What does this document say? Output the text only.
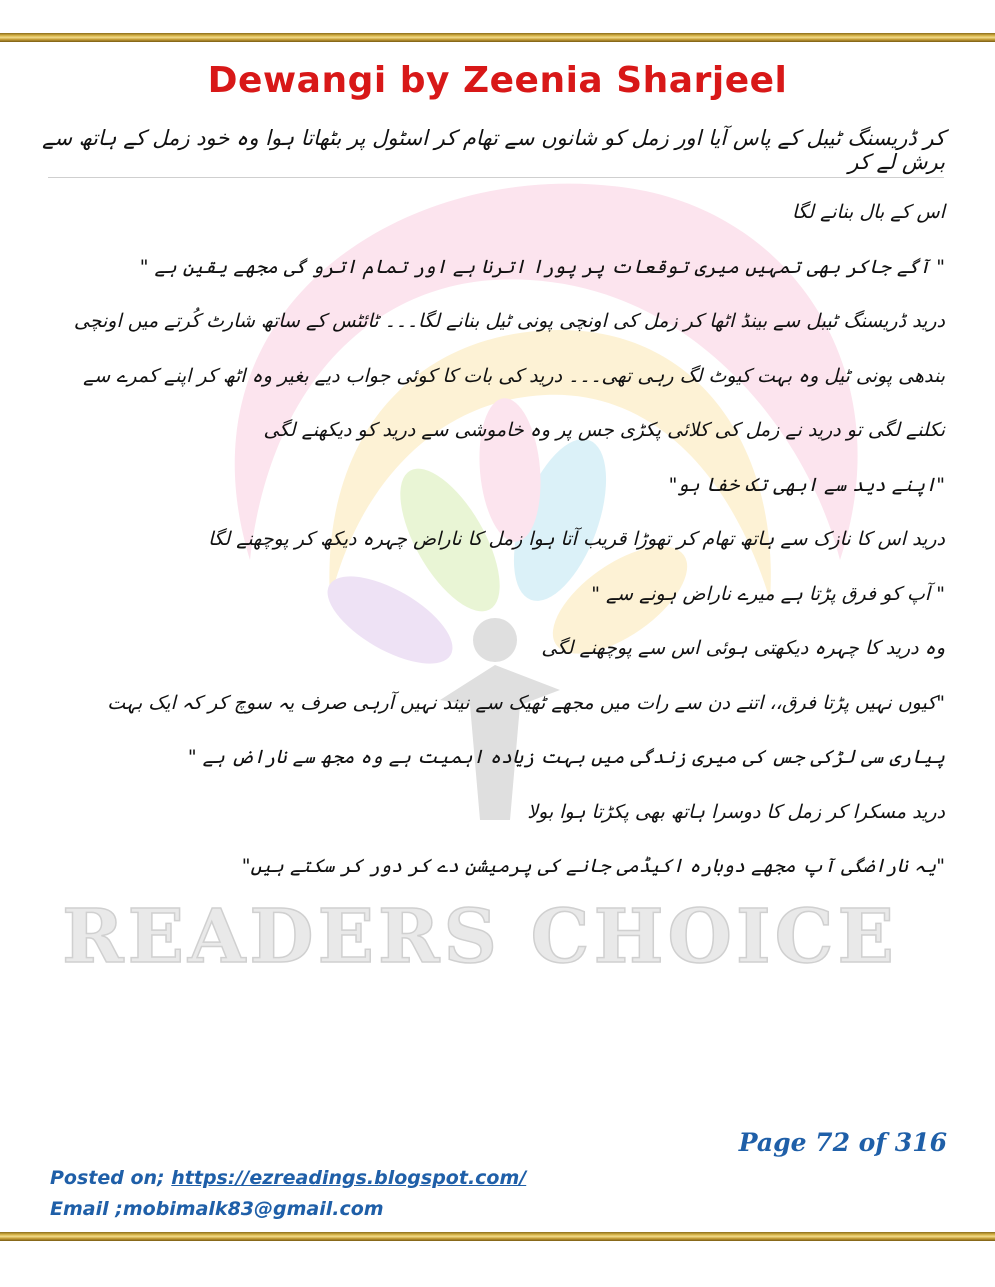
READERS CHOICE
Dewangi by Zeenia Sharjeel
کر ڈریسنگ ٹیبل کے پاس آیا اور زمل کو شانوں سے تھام کر اسٹول پر بٹھاتا ہوا وہ خود زمل کے ہاتھ سے برش لے کر

اس کے بال بنانے لگا

" آگے جاکر بھی تمہیں میری توقعات پر پورا اترنا ہے اور تمام اترو گی مجھے یقین ہے "

درید ڈریسنگ ٹیبل سے بینڈ اٹھا کر زمل کی اونچی پونی ٹیل بنانے لگا۔۔۔ ٹائٹس کے ساتھ شارٹ کُرتے میں اونچی

بندھی پونی ٹیل وہ بہت کیوٹ لگ رہی تھی۔۔۔ درید کی بات کا کوئی جواب دیے بغیر وہ اٹھ کر اپنے کمرے سے

نکلنے لگی تو درید نے زمل کی کلائی پکڑی جس پر وہ خاموشی سے درید کو دیکھنے لگی

"اپنے دید سے ابھی تک خفا ہو"

درید اس کا نازک سے ہاتھ تھام کر تھوڑا قریب آتا ہوا زمل کا ناراض چہرہ دیکھ کر پوچھنے لگا

" آپ کو فرق پڑتا ہے میرے ناراض ہونے سے "

وہ درید کا چہرہ دیکھتی ہوئی اس سے پوچھنے لگی

"کیوں نہیں پڑتا فرق،، اتنے دن سے رات میں مجھے ٹھیک سے نیند نہیں آرہی صرف یہ سوچ کر کہ ایک بہت

پیاری سی لڑکی جس کی میری زندگی میں بہت زیادہ اہمیت ہے وہ مجھ سے ناراض ہے "

درید مسکرا کر زمل کا دوسرا ہاتھ بھی پکڑتا ہوا بولا

"یہ ناراضگی آپ مجھے دوبارہ اکیڈمی جانے کی پرمیشن دے کر دور کر سکتے ہیں"

Page 72 of 316
Posted on; https://ezreadings.blogspot.com/
Email ;mobimalk83@gmail.com
